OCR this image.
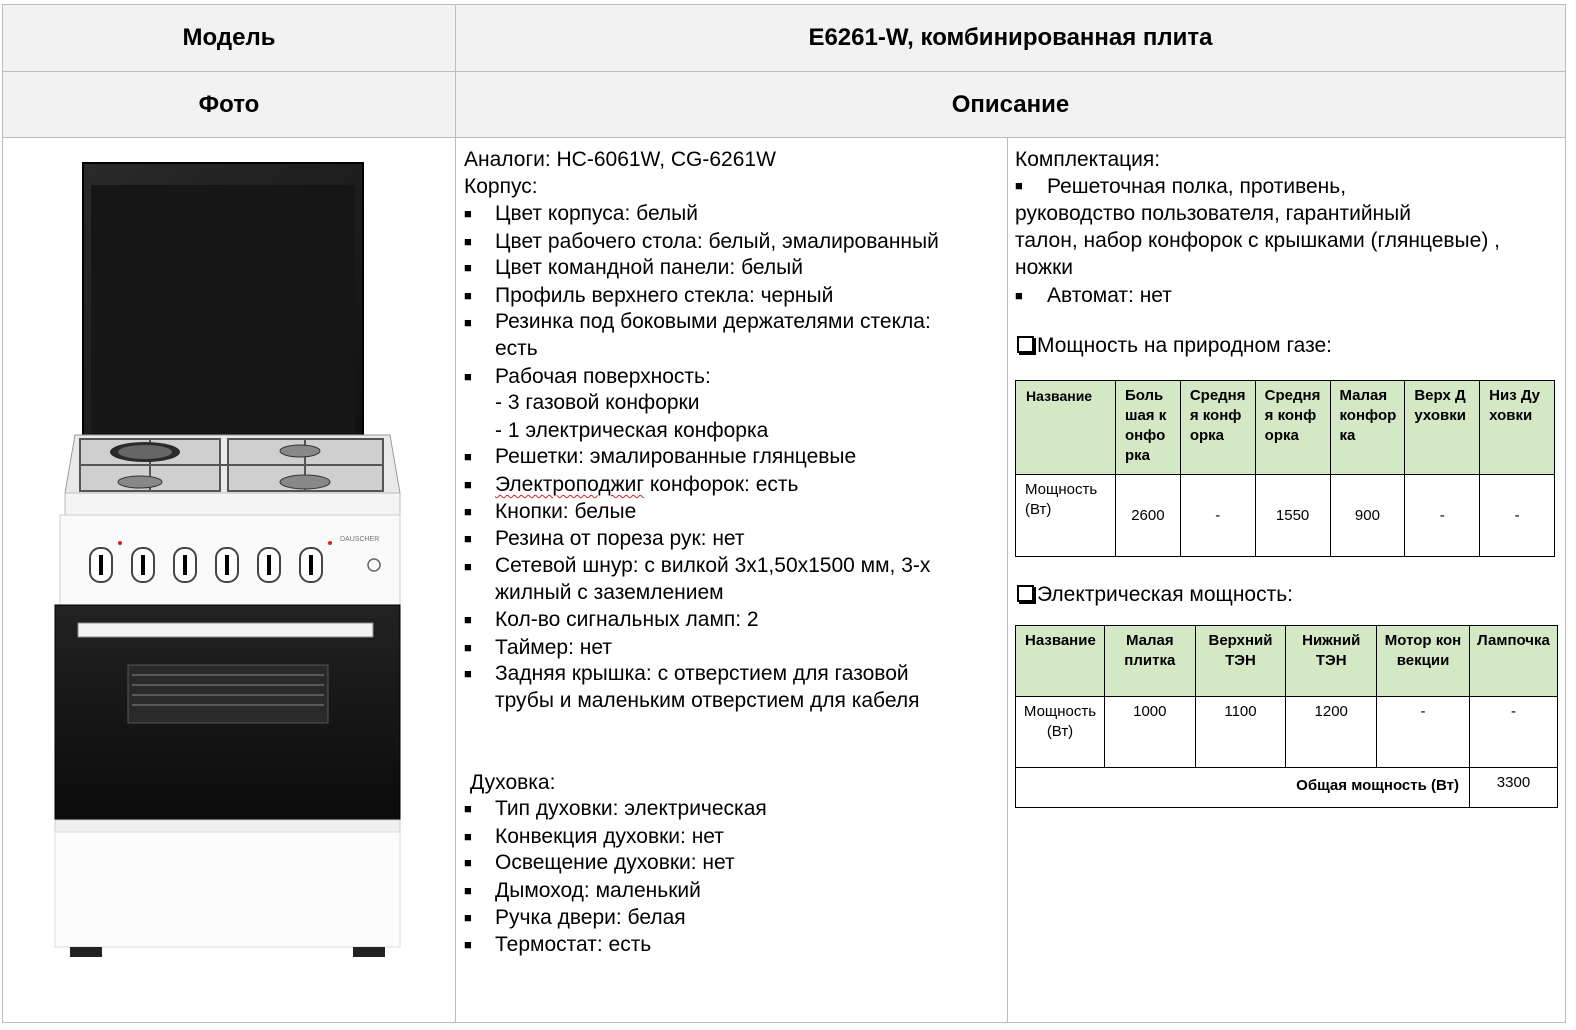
Модель	E6261-W, комбинированная плита
Фото	Описание
DAUSCHER
Аналоги: HC-6061W, CG-6261W
Корпус:
■
Цвет корпуса: белый
■
Цвет рабочего стола: белый, эмалированный
■
Цвет командной панели: белый
■
Профиль верхнего стекла: черный
■
Резинка под боковыми держателями стекла:
есть
■
Рабочая поверхность:
- 3 газовой конфорки
- 1 электрическая конфорка
■
Решетки: эмалированные глянцевые
■
Электроподжиг конфорок: есть
■
Кнопки: белые
■
Резина от пореза рук: нет
■
Сетевой шнур: с вилкой 3х1,50х1500 мм, 3-х
жилный с заземлением
■
Кол-во сигнальных ламп: 2
■
Таймер: нет
■
Задняя крышка: с отверстием для газовой
трубы и маленьким отверстием для кабеля
Духовка:
■
Тип духовки: электрическая
■
Конвекция духовки: нет
■
Освещение духовки: нет
■
Дымоход: маленький
■
Ручка двери: белая
■
Термостат: есть
Комплектация:
■
Решеточная полка, противень,
руководство пользователя, гарантийный
талон, набор конфорок с крышками (глянцевые) ,
ножки
■
Автомат: нет
Мощность на природном газе:
Название	Большая конфорка	Средняя конфорка	Средняя конфорка	Малая конфорка	Верх Духовки	Низ Духовки

Мощность (Вт)	2600	-	1550	900	-	-
Электрическая мощность:
Название	Малая плитка	Верхний ТЭН	Нижний ТЭН	Мотор конвекции	Лампочка

Мощность (Вт)	1000	1100	1200	-	-

Общая мощность (Вт)					3300
